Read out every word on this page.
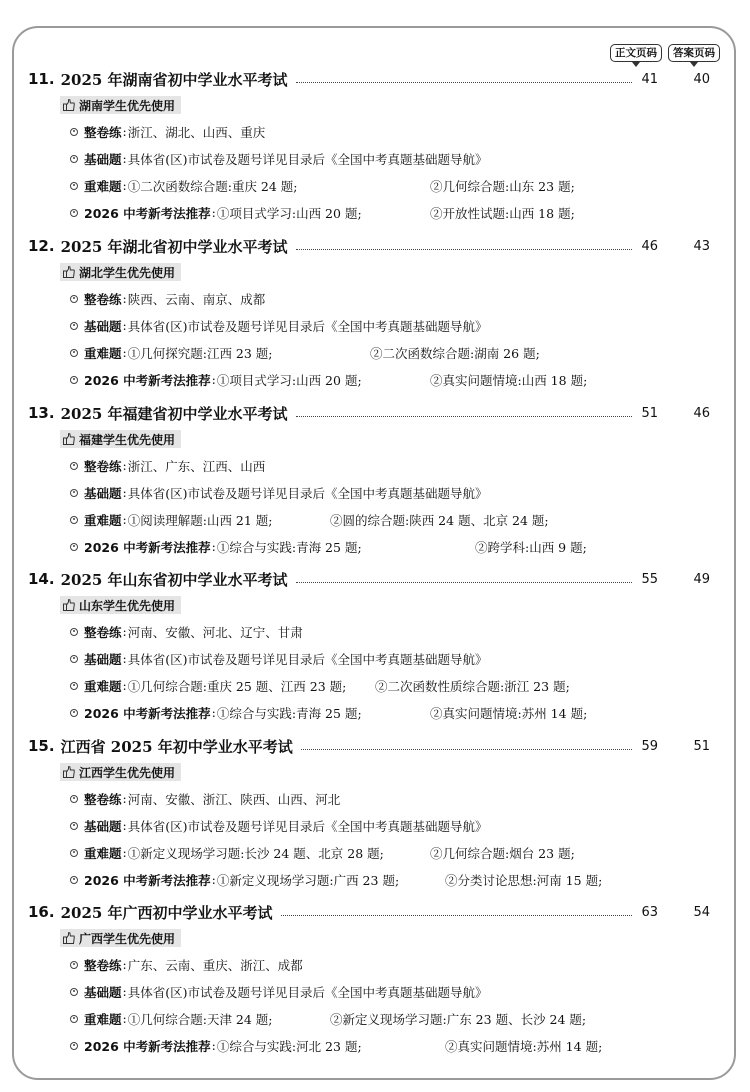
正文页码	答案页码
11. 2025 年湖南省初中学业水平考试	41	40
湖南学生优先使用
整卷练 : 浙江、湖北、山西、重庆
基础题 : 具体省(区)市试卷及题号详见目录后《全国中考真题基础题导航》
重难题 : ①二次函数综合题:重庆 24 题;	②几何综合题:山东 23 题;
2026 中考新考法推荐 : ①项目式学习:山西 20 题;	②开放性试题:山西 18 题;
12. 2025 年湖北省初中学业水平考试	46	43
湖北学生优先使用
整卷练 : 陕西、云南、南京、成都
基础题 : 具体省(区)市试卷及题号详见目录后《全国中考真题基础题导航》
重难题 : ①几何探究题:江西 23 题;	②二次函数综合题:湖南 26 题;
2026 中考新考法推荐 : ①项目式学习:山西 20 题;	②真实问题情境:山西 18 题;
13. 2025 年福建省初中学业水平考试	51	46
福建学生优先使用
整卷练 : 浙江、广东、江西、山西
基础题 : 具体省(区)市试卷及题号详见目录后《全国中考真题基础题导航》
重难题 : ①阅读理解题:山西 21 题;	②圆的综合题:陕西 24 题、北京 24 题;
2026 中考新考法推荐 : ①综合与实践:青海 25 题;	②跨学科:山西 9 题;
14. 2025 年山东省初中学业水平考试	55	49
山东学生优先使用
整卷练 : 河南、安徽、河北、辽宁、甘肃
基础题 : 具体省(区)市试卷及题号详见目录后《全国中考真题基础题导航》
重难题 : ①几何综合题:重庆 25 题、江西 23 题; ②二次函数性质综合题:浙江 23 题;
2026 中考新考法推荐 : ①综合与实践:青海 25 题;	②真实问题情境:苏州 14 题;
15. 江西省 2025 年初中学业水平考试	59	51
江西学生优先使用
整卷练 : 河南、安徽、浙江、陕西、山西、河北
基础题 : 具体省(区)市试卷及题号详见目录后《全国中考真题基础题导航》
重难题 : ①新定义现场学习题:长沙 24 题、北京 28 题;	②几何综合题:烟台 23 题;
2026 中考新考法推荐 : ①新定义现场学习题:广西 23 题;	②分类讨论思想:河南 15 题;
16. 2025 年广西初中学业水平考试	63	54
广西学生优先使用
整卷练 : 广东、云南、重庆、浙江、成都
基础题 : 具体省(区)市试卷及题号详见目录后《全国中考真题基础题导航》
重难题 : ①几何综合题:天津 24 题;	②新定义现场学习题:广东 23 题、长沙 24 题;
2026 中考新考法推荐 : ①综合与实践:河北 23 题;	②真实问题情境:苏州 14 题;
